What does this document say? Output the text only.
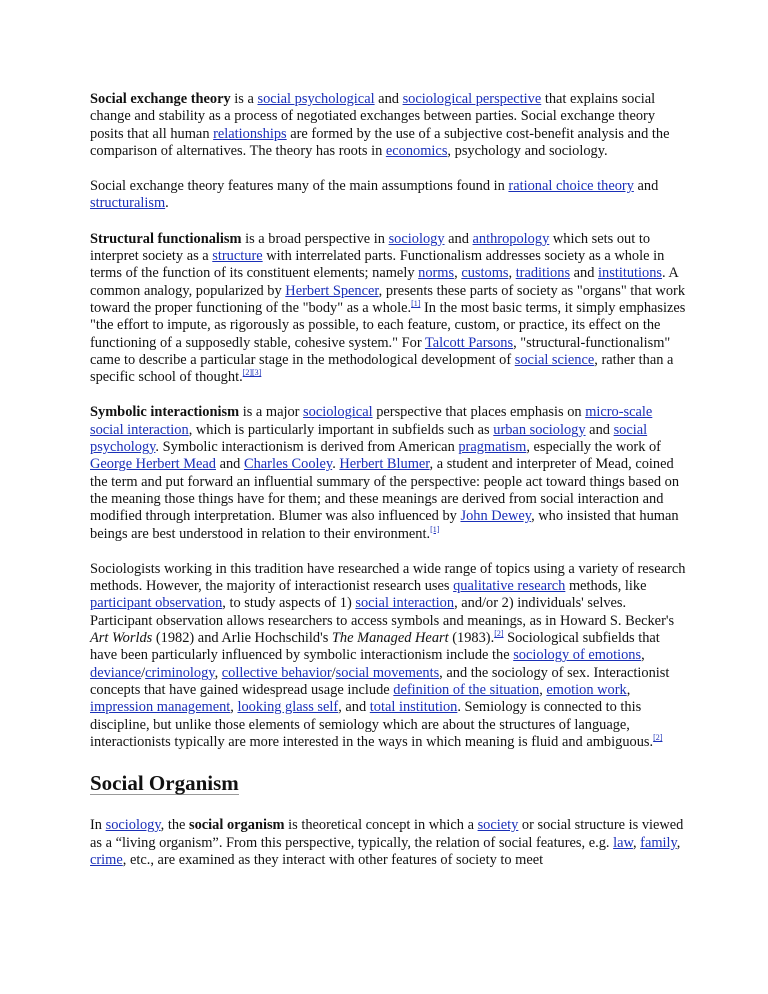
Social exchange theory is a social psychological and sociological perspective that explains social change and stability as a process of negotiated exchanges between parties. Social exchange theory posits that all human relationships are formed by the use of a subjective cost-benefit analysis and the comparison of alternatives. The theory has roots in economics, psychology and sociology.

Social exchange theory features many of the main assumptions found in rational choice theory and structuralism.

Structural functionalism is a broad perspective in sociology and anthropology which sets out to interpret society as a structure with interrelated parts. Functionalism addresses society as a whole in terms of the function of its constituent elements; namely norms, customs, traditions and institutions. A common analogy, popularized by Herbert Spencer, presents these parts of society as "organs" that work toward the proper functioning of the "body" as a whole.[1] In the most basic terms, it simply emphasizes "the effort to impute, as rigorously as possible, to each feature, custom, or practice, its effect on the functioning of a supposedly stable, cohesive system." For Talcott Parsons, "structural-functionalism" came to describe a particular stage in the methodological development of social science, rather than a specific school of thought.[2][3]

Symbolic interactionism is a major sociological perspective that places emphasis on micro-scale social interaction, which is particularly important in subfields such as urban sociology and social psychology. Symbolic interactionism is derived from American pragmatism, especially the work of George Herbert Mead and Charles Cooley. Herbert Blumer, a student and interpreter of Mead, coined the term and put forward an influential summary of the perspective: people act toward things based on the meaning those things have for them; and these meanings are derived from social interaction and modified through interpretation. Blumer was also influenced by John Dewey, who insisted that human beings are best understood in relation to their environment.[1]

Sociologists working in this tradition have researched a wide range of topics using a variety of research methods. However, the majority of interactionist research uses qualitative research methods, like participant observation, to study aspects of 1) social interaction, and/or 2) individuals' selves. Participant observation allows researchers to access symbols and meanings, as in Howard S. Becker's Art Worlds (1982) and Arlie Hochschild's The Managed Heart (1983).[2] Sociological subfields that have been particularly influenced by symbolic interactionism include the sociology of emotions, deviance/criminology, collective behavior/social movements, and the sociology of sex. Interactionist concepts that have gained widespread usage include definition of the situation, emotion work, impression management, looking glass self, and total institution. Semiology is connected to this discipline, but unlike those elements of semiology which are about the structures of language, interactionists typically are more interested in the ways in which meaning is fluid and ambiguous.[2]

Social Organism

In sociology, the social organism is theoretical concept in which a society or social structure is viewed as a “living organism”. From this perspective, typically, the relation of social features, e.g. law, family, crime, etc., are examined as they interact with other features of society to meet
